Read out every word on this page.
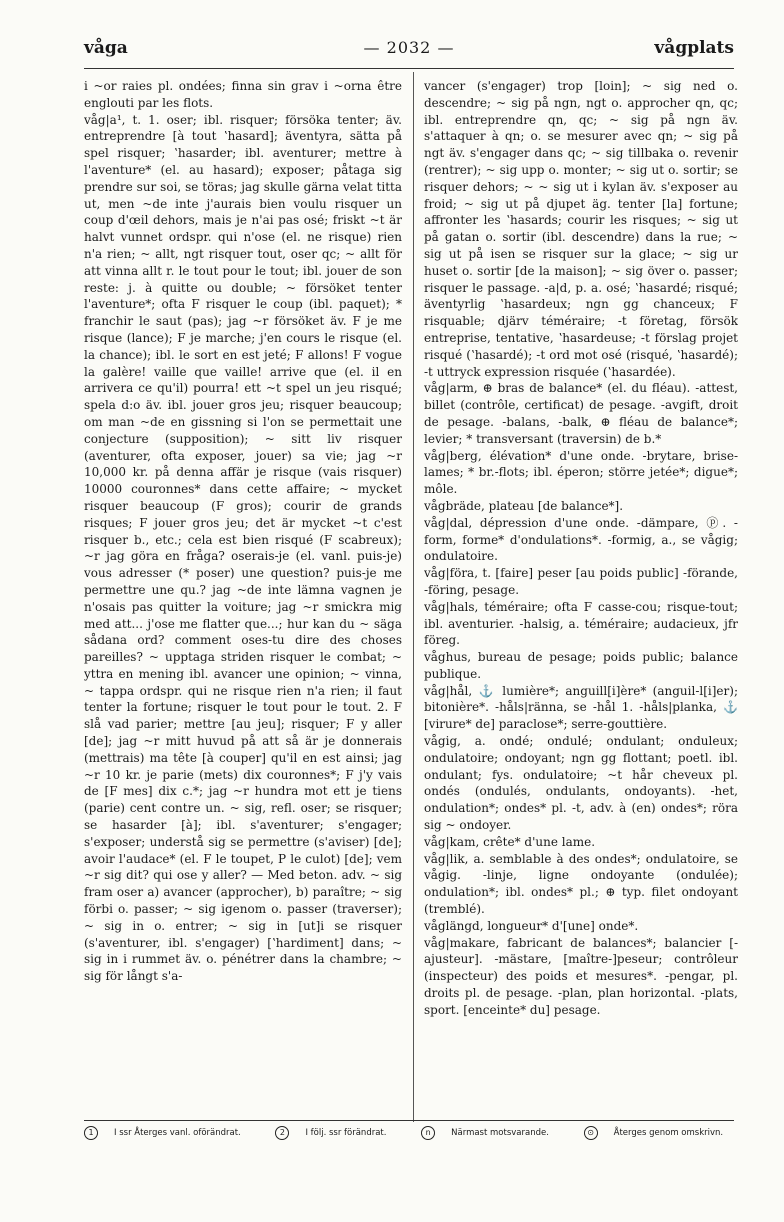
våga	— 2032 —	vågplats

i ~or raies pl. ondées; finna sin grav i ~orna être englouti par les flots.

våg|a¹, t. 1. oser; ibl. risquer; försöka tenter; äv. entreprendre [à tout ʽhasard]; äventyra, sätta på spel risquer; ʽhasarder; ibl. aventurer; mettre à l'aventure* (el. au hasard); exposer; påtaga sig prendre sur soi, se töras; jag skulle gärna velat titta ut, men ~de inte j'aurais bien voulu risquer un coup d'œil dehors, mais je n'ai pas osé; friskt ~t är halvt vunnet ordspr. qui n'ose (el. ne risque) rien n'a rien; ~ allt, ngt risquer tout, oser qc; ~ allt för att vinna allt r. le tout pour le tout; ibl. jouer de son reste: j. à quitte ou double; ~ försöket tenter l'aventure*; ofta F risquer le coup (ibl. paquet); * franchir le saut (pas); jag ~r försöket äv. F je me risque (lance); F je marche; j'en cours le risque (el. la chance); ibl. le sort en est jeté; F allons! F vogue la galère! vaille que vaille! arrive que (el. il en arrivera ce qu'il) pourra! ett ~t spel un jeu risqué; spela d:o äv. ibl. jouer gros jeu; risquer beaucoup; om man ~de en gissning si l'on se permettait une conjecture (supposition); ~ sitt liv risquer (aventurer, ofta exposer, jouer) sa vie; jag ~r 10,000 kr. på denna affär je risque (vais risquer) 10000 couronnes* dans cette affaire; ~ mycket risquer beaucoup (F gros); courir de grands risques; F jouer gros jeu; det är mycket ~t c'est risquer b., etc.; cela est bien risqué (F scabreux); ~r jag göra en fråga? oserais-je (el. vanl. puis-je) vous adresser (* poser) une question? puis-je me permettre une qu.? jag ~de inte lämna vagnen je n'osais pas quitter la voiture; jag ~r smickra mig med att... j'ose me flatter que...; hur kan du ~ säga sådana ord? comment oses-tu dire des choses pareilles? ~ upptaga striden risquer le combat; ~ yttra en mening ibl. avancer une opinion; ~ vinna, ~ tappa ordspr. qui ne risque rien n'a rien; il faut tenter la fortune; risquer le tout pour le tout. 2. F slå vad parier; mettre [au jeu]; risquer; F y aller [de]; jag ~r mitt huvud på att så är je donnerais (mettrais) ma tête [à couper] qu'il en est ainsi; jag ~r 10 kr. je parie (mets) dix couronnes*; F j'y vais de [F mes] dix c.*; jag ~r hundra mot ett je tiens (parie) cent contre un. ~ sig, refl. oser; se risquer; se hasarder [à]; ibl. s'aventurer; s'engager; s'exposer; understå sig se permettre (s'aviser) [de]; avoir l'audace* (el. F le toupet, P le culot) [de]; vem ~r sig dit? qui ose y aller? — Med beton. adv. ~ sig fram oser a) avancer (approcher), b) paraître; ~ sig förbi o. passer; ~ sig igenom o. passer (traverser); ~ sig in o. entrer; ~ sig in [ut]i se risquer (s'aventurer, ibl. s'engager) [ʽhardiment] dans; ~ sig in i rummet äv. o. pénétrer dans la chambre; ~ sig för långt s'a-

vancer (s'engager) trop [loin]; ~ sig ned o. descendre; ~ sig på ngn, ngt o. approcher qn, qc; ibl. entreprendre qn, qc; ~ sig på ngn äv. s'attaquer à qn; o. se mesurer avec qn; ~ sig på ngt äv. s'engager dans qc; ~ sig tillbaka o. revenir (rentrer); ~ sig upp o. monter; ~ sig ut o. sortir; se risquer dehors; ~ ~ sig ut i kylan äv. s'exposer au froid; ~ sig ut på djupet äg. tenter [la] fortune; affronter les ʽhasards; courir les risques; ~ sig ut på gatan o. sortir (ibl. descendre) dans la rue; ~ sig ut på isen se risquer sur la glace; ~ sig ur huset o. sortir [de la maison]; ~ sig över o. passer; risquer le passage. -a|d, p. a. osé; ʽhasardé; risqué; äventyrlig ʽhasardeux; ngn gg chanceux; F risquable; djärv téméraire; -t företag, försök entreprise, tentative, ʽhasardeuse; -t förslag projet risqué (ʽhasardé); -t ord mot osé (risqué, ʽhasardé); -t uttryck expression risquée (ʽhasardée).

våg|arm, ⊕ bras de balance* (el. du fléau). -attest, billet (contrôle, certificat) de pesage. -avgift, droit de pesage. -balans, -balk, ⊕ fléau de balance*; levier; * transversant (traversin) de b.*

våg|berg, élévation* d'une onde. -brytare, brise-lames; * br.-flots; ibl. éperon; större jetée*; digue*; môle.

vågbräde, plateau [de balance*].

våg|dal, dépression d'une onde. -dämpare, ⓟ. -form, forme* d'ondulations*. -formig, a., se vågig; ondulatoire.

våg|föra, t. [faire] peser [au poids public] -förande, -föring, pesage.

våg|hals, téméraire; ofta F casse-cou; risque-tout; ibl. aventurier. -halsig, a. téméraire; audacieux, jfr föreg.

våghus, bureau de pesage; poids public; balance publique.

våg|hål, ⚓ lumière*; anguill[i]ère* (anguil-l[i]er); bitonière*. -håls|ränna, se -hål 1. -håls|planka, ⚓ [virure* de] paraclose*; serre-gouttière.

vågig, a. ondé; ondulé; ondulant; onduleux; ondulatoire; ondoyant; ngn gg flottant; poetl. ibl. ondulant; fys. ondulatoire; ~t hår cheveux pl. ondés (ondulés, ondulants, ondoyants). -het, ondulation*; ondes* pl. -t, adv. à (en) ondes*; röra sig ~ ondoyer.

våg|kam, crête* d'une lame.

våg|lik, a. semblable à des ondes*; ondulatoire, se vågig. -linje, ligne ondoyante (ondulée); ondulation*; ibl. ondes* pl.; ⊕ typ. filet ondoyant (tremblé).

våglängd, longueur* d'[une] onde*.

våg|makare, fabricant de balances*; balancier [-ajusteur]. -mästare, [maître-]peseur; contrôleur (inspecteur) des poids et mesures*. -pengar, pl. droits pl. de pesage. -plan, plan horizontal. -plats, sport. [enceinte* du] pesage.

1 I ssr Återges vanl. oförändrat.	2 I följ. ssr förändrat.	n Närmast motsvarande.	⊙ Återges genom omskrivn.
